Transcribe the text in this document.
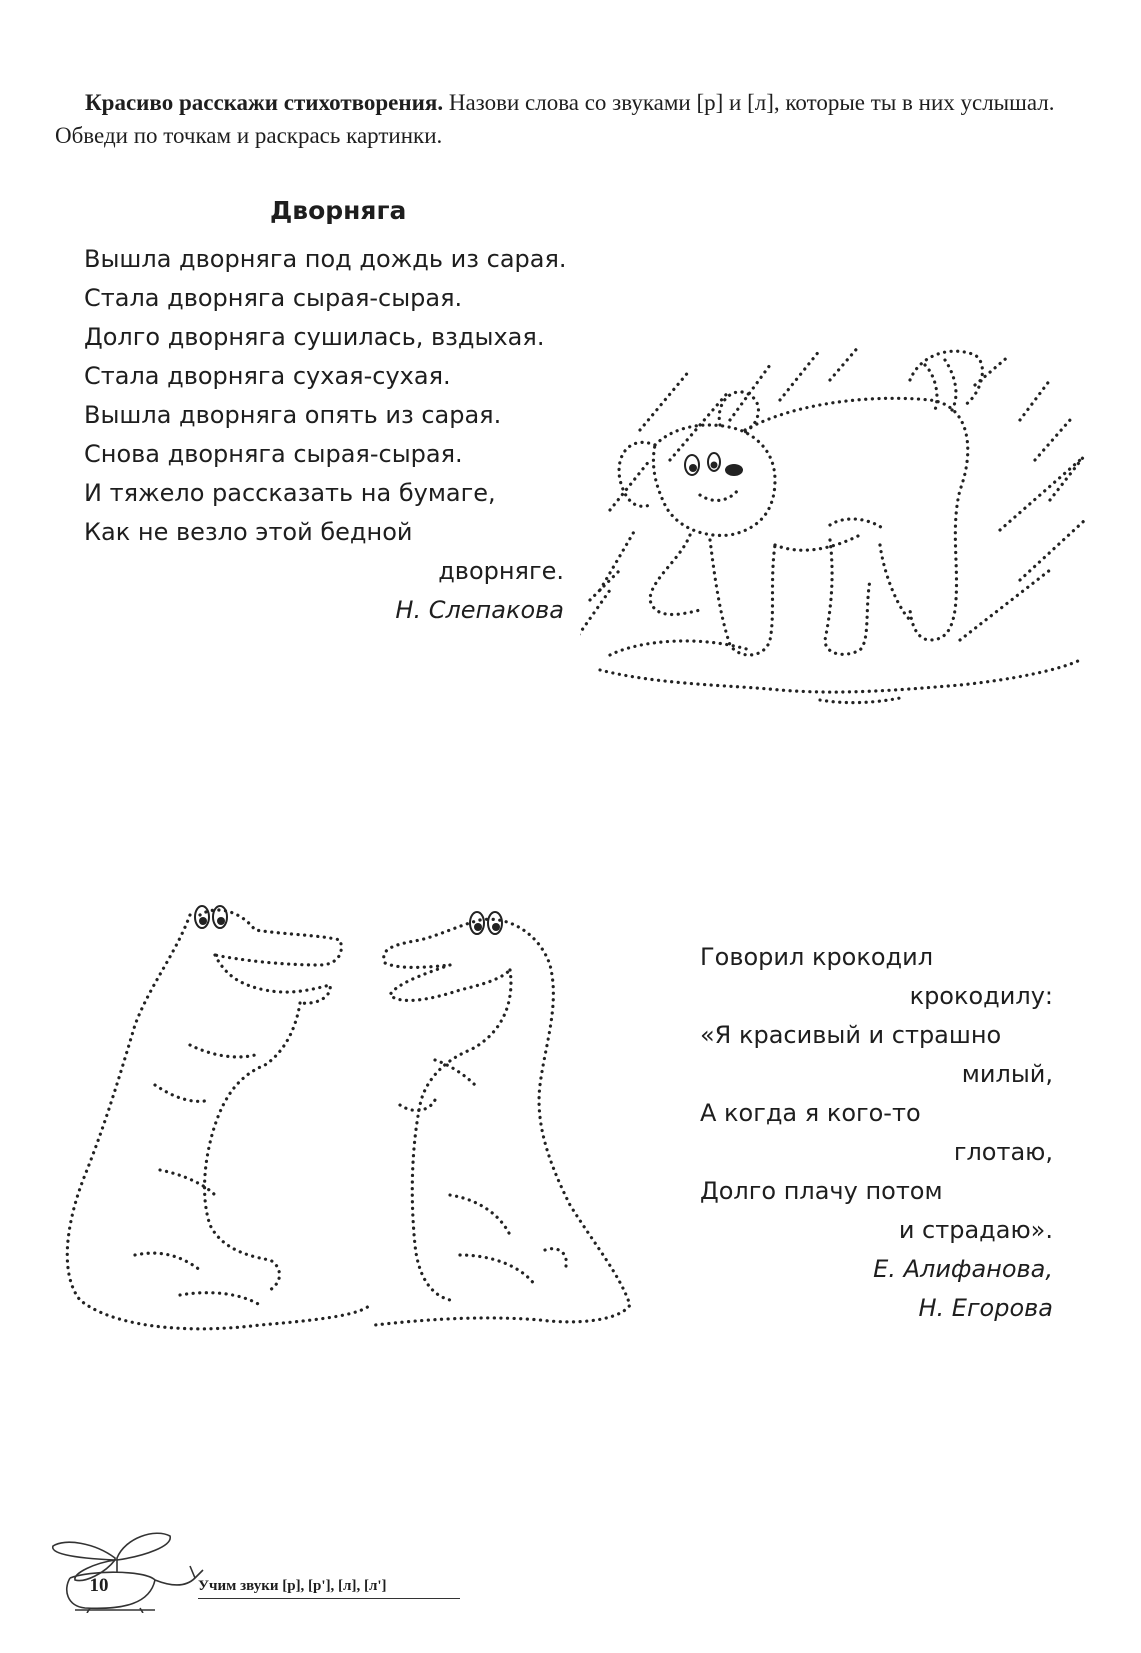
Красиво расскажи стихотворения. Назови слова со звуками [р] и [л], которые ты в них услышал. Обведи по точкам и раскрась картинки.
Дворняга
Вышла дворняга под дождь из сарая.
Стала дворняга сырая-сырая.
Долго дворняга сушилась, вздыхая.
Стала дворняга сухая-сухая.
Вышла дворняга опять из сарая.
Снова дворняга сырая-сырая.
И тяжело рассказать на бумаге,
Как не везло этой бедной
дворняге.
Н. Слепакова
Говорил крокодил
крокодилу:
«Я красивый и страшно
милый,
А когда я кого-то
глотаю,
Долго плачу потом
и страдаю».
Е. Алифанова,
Н. Егорова
10	Учим звуки [р], [р'], [л], [л']
